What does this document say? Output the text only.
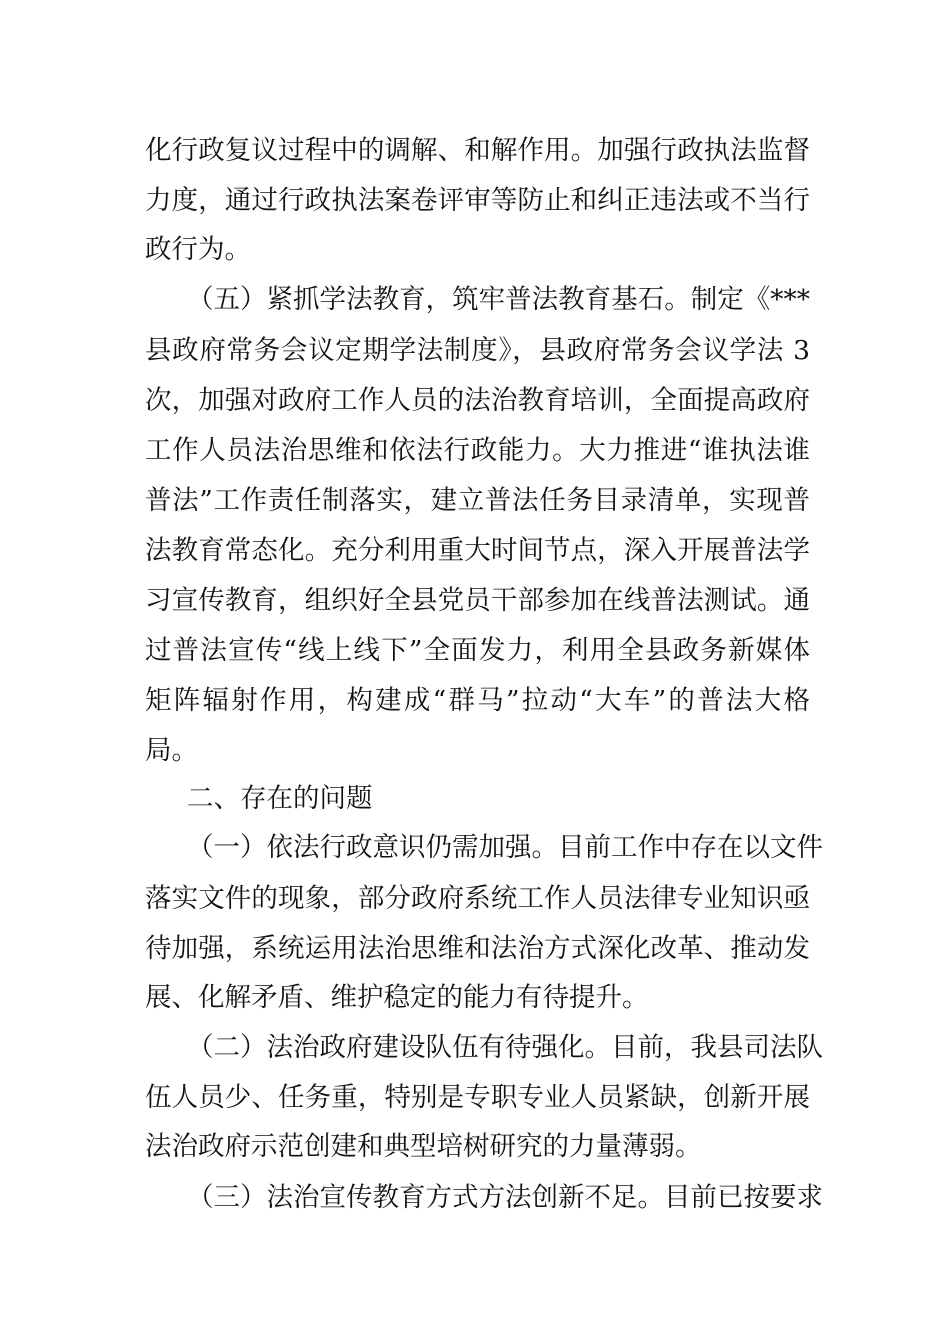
化行政复议过程中的调解、和解作用。加强行政执法监督
力度，通过行政执法案卷评审等防止和纠正违法或不当行
政行为。
（五）紧抓学法教育，筑牢普法教育基石。制定《***
县政府常务会议定期学法制度》，县政府常务会议学法 3
次，加强对政府工作人员的法治教育培训，全面提高政府
工作人员法治思维和依法行政能力。大力推进“谁执法谁
普法”工作责任制落实，建立普法任务目录清单，实现普
法教育常态化。充分利用重大时间节点，深入开展普法学
习宣传教育，组织好全县党员干部参加在线普法测试。通
过普法宣传“线上线下”全面发力，利用全县政务新媒体
矩阵辐射作用，构建成“群马”拉动“大车”的普法大格
局。
二、存在的问题
（一）依法行政意识仍需加强。目前工作中存在以文件
落实文件的现象，部分政府系统工作人员法律专业知识亟
待加强，系统运用法治思维和法治方式深化改革、推动发
展、化解矛盾、维护稳定的能力有待提升。
（二）法治政府建设队伍有待强化。目前，我县司法队
伍人员少、任务重，特别是专职专业人员紧缺，创新开展
法治政府示范创建和典型培树研究的力量薄弱。
（三）法治宣传教育方式方法创新不足。目前已按要求
